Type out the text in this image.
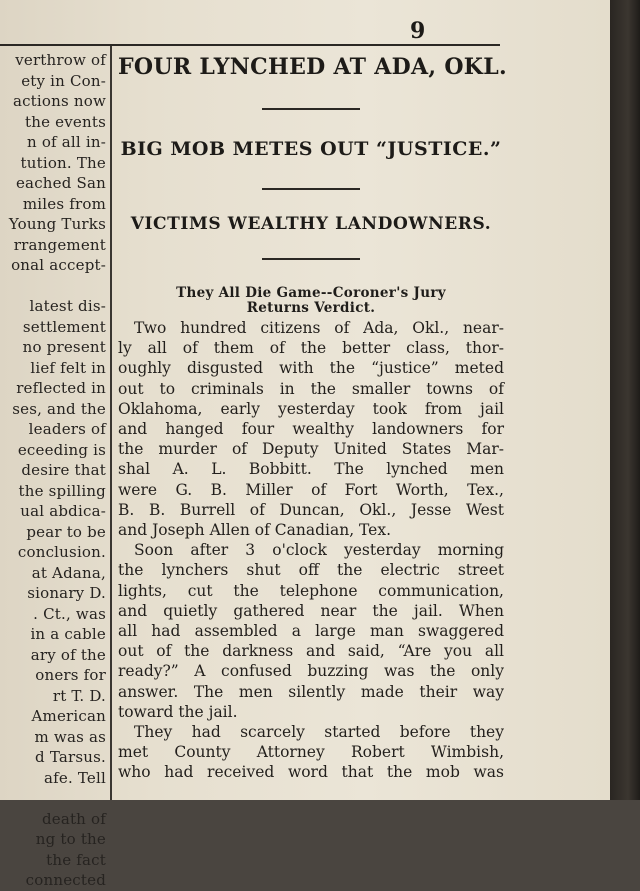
9
verthrow of
ety in Con-
actions now
the events
n of all in-
tution. The
eached San
miles from
Young Turks
rrangement
onal accept-
latest dis-
settlement
no present
lief felt in
reflected in
ses, and the
leaders of
eceeding is
desire that
the spilling
ual abdica-
pear to be
conclusion.
at Adana,
sionary D.
. Ct., was
in a cable
ary of the
oners for
rt T. D.
American
m was as
d Tarsus.
afe. Tell
death of
ng to the
the fact
connected
FOUR LYNCHED AT ADA, OKL.
BIG MOB METES OUT “JUSTICE.”
VICTIMS WEALTHY LANDOWNERS.
They All Die Game--Coroner's Jury
Returns Verdict.
Two hundred citizens of Ada, Okl., near-
ly all of them of the better class, thor-
oughly disgusted with the “justice” meted
out to criminals in the smaller towns of
Oklahoma, early yesterday took from jail
and hanged four wealthy landowners for
the murder of Deputy United States Mar-
shal A. L. Bobbitt. The lynched men
were G. B. Miller of Fort Worth, Tex.,
B. B. Burrell of Duncan, Okl., Jesse West
and Joseph Allen of Canadian, Tex.
Soon after 3 o'clock yesterday morning
the lynchers shut off the electric street
lights, cut the telephone communication,
and quietly gathered near the jail. When
all had assembled a large man swaggered
out of the darkness and said, “Are you all
ready?” A confused buzzing was the only
answer. The men silently made their way
toward the jail.
They had scarcely started before they
met County Attorney Robert Wimbish,
who had received word that the mob was
